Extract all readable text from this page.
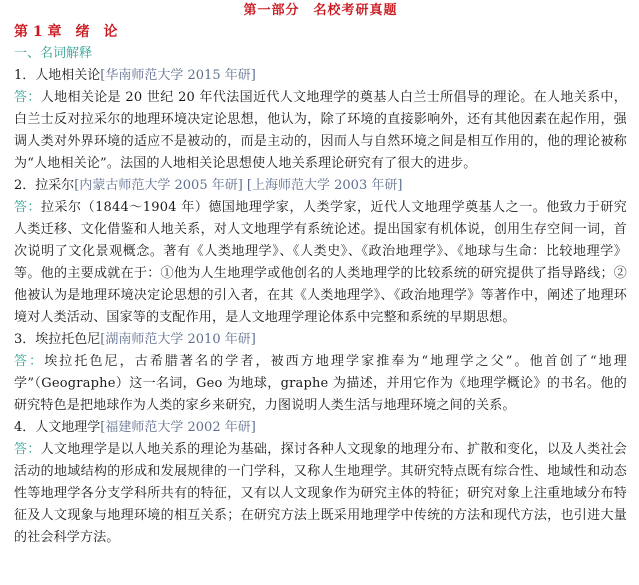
第一部分　名校考研真题
第 1 章　 绪　论
一、名词解释
1．人地相关论[华南师范大学 2015 年研]
答：人地相关论是 20 世纪 20 年代法国近代人文地理学的奠基人白兰士所倡导的理论。在人地关系中，白兰士反对拉采尔的地理环境决定论思想，他认为，除了环境的直接影响外，还有其他因素在起作用，强调人类对外界环境的适应不是被动的，而是主动的，因而人与自然环境之间是相互作用的，他的理论被称为“人地相关论”。法国的人地相关论思想使人地关系理论研究有了很大的进步。
2．拉采尔[内蒙古师范大学 2005 年研] [上海师范大学 2003 年研]
答：拉采尔（1844～1904 年）德国地理学家，人类学家，近代人文地理学奠基人之一。他致力于研究人类迁移、文化借鉴和人地关系，对人文地理学有系统论述。提出国家有机体说，创用生存空间一词，首次说明了文化景观概念。著有《人类地理学》、《人类史》、《政治地理学》、《地球与生命：比较地理学》等。他的主要成就在于：①他为人生地理学或他创名的人类地理学的比较系统的研究提供了指导路线；②他被认为是地理环境决定论思想的引入者，在其《人类地理学》、《政治地理学》等著作中，阐述了地理环境对人类活动、国家等的支配作用，是人文地理学理论体系中完整和系统的早期思想。
3．埃拉托色尼[湖南师范大学 2010 年研]
答：埃拉托色尼，古希腊著名的学者，被西方地理学家推奉为“地理学之父”。他首创了“地理学”（Geographe）这一名词，Geo 为地球，graphe 为描述，并用它作为《地理学概论》的书名。他的研究特色是把地球作为人类的家乡来研究，力图说明人类生活与地理环境之间的关系。
4．人文地理学[福建师范大学 2002 年研]
答：人文地理学是以人地关系的理论为基础，探讨各种人文现象的地理分布、扩散和变化，以及人类社会活动的地域结构的形成和发展规律的一门学科，又称人生地理学。其研究特点既有综合性、地域性和动态性等地理学各分支学科所共有的特征，又有以人文现象作为研究主体的特征；研究对象上注重地域分布特征及人文现象与地理环境的相互关系；在研究方法上既采用地理学中传统的方法和现代方法，也引进大量的社会科学方法。
